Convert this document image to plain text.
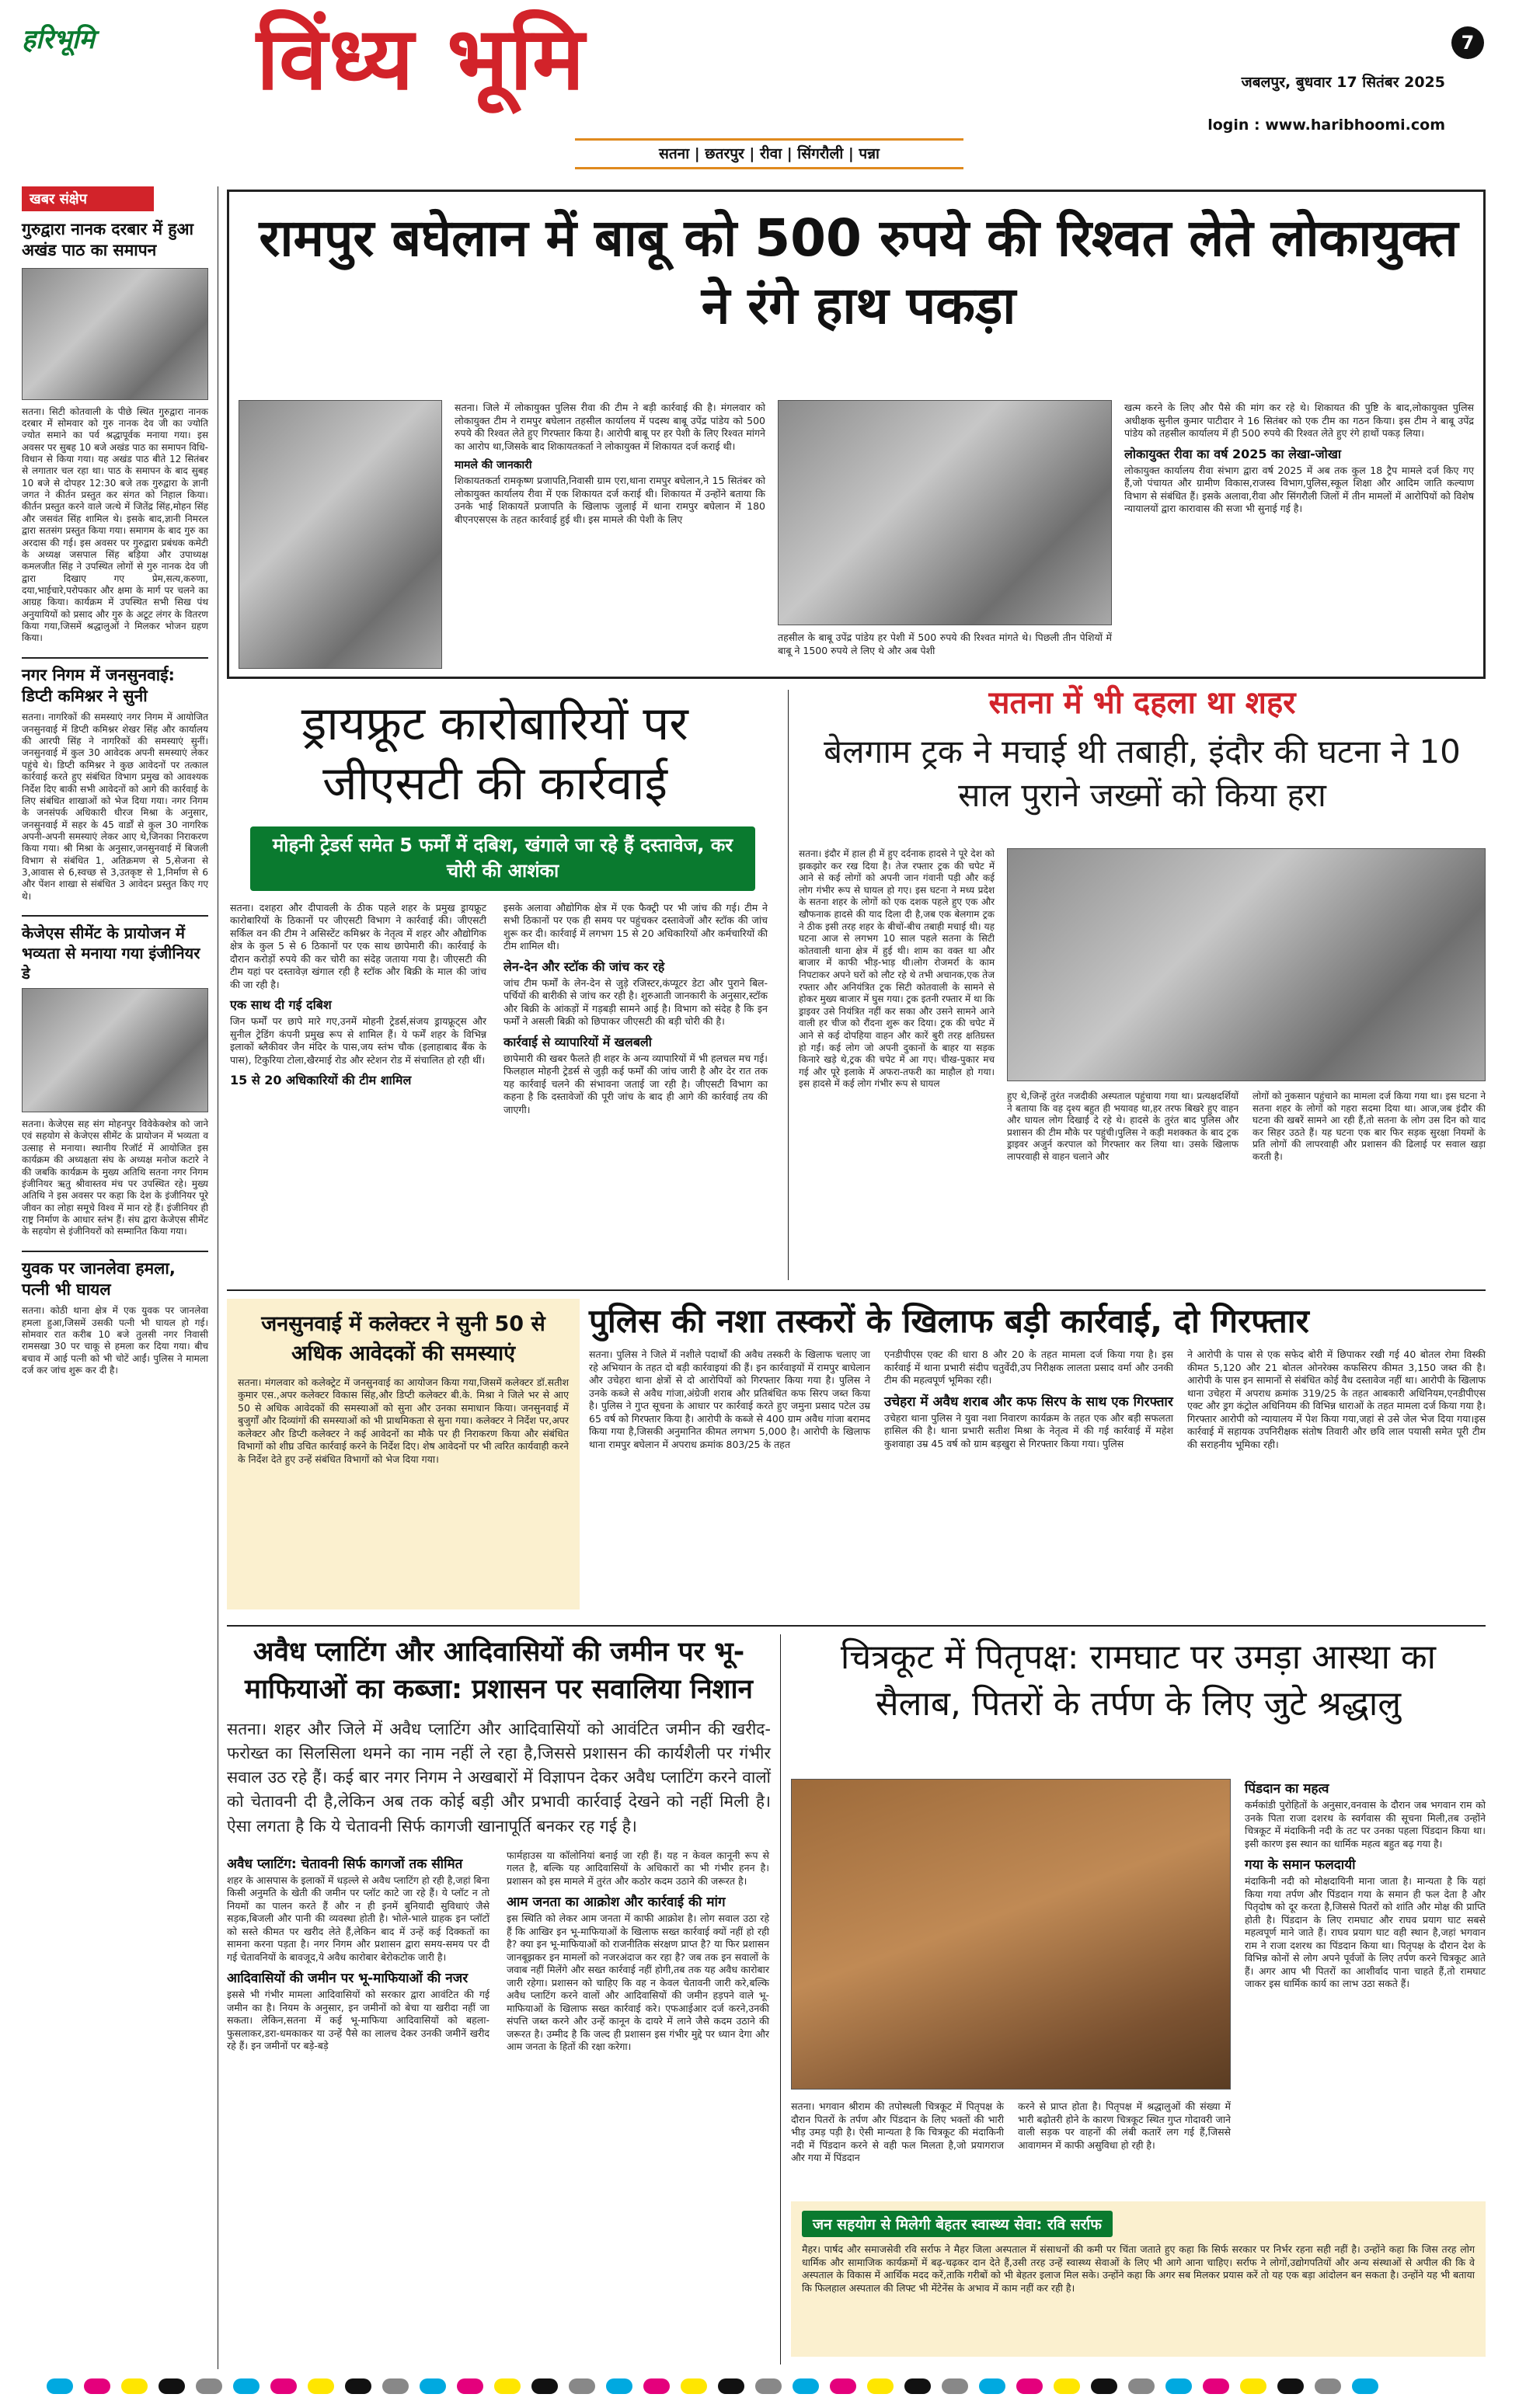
हरिभूमि विंध्य भूमि	7
जबलपुर, बुधवार 17 सितंबर 2025
login : www.haribhoomi.com
सतना | छतरपुर | रीवा | सिंगरौली | पन्ना
खबर संक्षेप
गुरुद्वारा नानक दरबार में हुआ अखंड पाठ का समापन
सतना। सिटी कोतवाली के पीछे स्थित गुरुद्वारा नानक दरबार में सोमवार को गुरु नानक देव जी का ज्योति ज्योत समाने का पर्व श्रद्धापूर्वक मनाया गया। इस अवसर पर सुबह 10 बजे अखंड पाठ का समापन विधि-विधान से किया गया। यह अखंड पाठ बीते 12 सितंबर से लगातार चल रहा था। पाठ के समापन के बाद सुबह 10 बजे से दोपहर 12:30 बजे तक गुरुद्वारा के ज्ञानी जगत ने कीर्तन प्रस्तुत कर संगत को निहाल किया। कीर्तन प्रस्तुत करने वाले जत्थे में जितेंद्र सिंह,मोहन सिंह और जसवंत सिंह शामिल थे। इसके बाद,ज्ञानी निमरल द्वारा सतसंग प्रस्तुत किया गया। समागम के बाद गुरु का अरदास की गई। इस अवसर पर गुरुद्वारा प्रबंधक कमेटी के अध्यक्ष जसपाल सिंह बड़िया और उपाध्यक्ष कमलजीत सिंह ने उपस्थित लोगों से गुरु नानक देव जी द्वारा दिखाए गए प्रेम,सत्य,करुणा, दया,भाईचारे,परोपकार और क्षमा के मार्ग पर चलने का आग्रह किया। कार्यक्रम में उपस्थित सभी सिख पंथ अनुयायियों को प्रसाद और गुरु के अटूट लंगर के वितरण किया गया,जिसमें श्रद्धालुओं ने मिलकर भोजन ग्रहण किया।
नगर निगम में जनसुनवाई: डिप्टी कमिश्नर ने सुनी
सतना। नागरिकों की समस्याएं नगर निगम में आयोजित जनसुनवाई में डिप्टी कमिश्नर शेखर सिंह और कार्यालय की आरपी सिंह ने नागरिकों की समस्याएं सुनीं। जनसुनवाई में कुल 30 आवेदक अपनी समस्याएं लेकर पहुंचे थे। डिप्टी कमिश्नर ने कुछ आवेदनों पर तत्काल कार्रवाई करते हुए संबंधित विभाग प्रमुख को आवश्यक निर्देश दिए बाकी सभी आवेदनों को आगे की कार्रवाई के लिए संबंधित शाखाओं को भेज दिया गया। नगर निगम के जनसंपर्क अधिकारी धीरज मिश्रा के अनुसार, जनसुनवाई में सहर के 45 वार्डों से कुल 30 नागरिक अपनी-अपनी समस्याएं लेकर आए थे,जिनका निराकरण किया गया। श्री मिश्रा के अनुसार,जनसुनवाई में बिजली विभाग से संबंधित 1, अतिक्रमण से 5,सेजना से 3,आवास से 6,स्वच्छ से 3,उतकृष्ट से 1,निर्माण से 6 और पेंशन शाखा से संबंधित 3 आवेदन प्रस्तुत किए गए थे।
केजेएस सीमेंट के प्रायोजन में भव्यता से मनाया गया इंजीनियर डे
सतना। केजेएस सह संग मोहनपुर विवेकेक्शेत्र को जाने एवं सहयोग से केजेएस सीमेंट के प्रायोजन में भव्यता व उत्साह से मनाया। स्थानीय रिजॉर्ट में आयोजित इस कार्यक्रम की अध्यक्षता संघ के अध्यक्ष मनोज कटारे ने की जबकि कार्यक्रम के मुख्य अतिथि सतना नगर निगम इंजीनियर ऋतु श्रीवास्तव मंच पर उपस्थित रहे। मुख्य अतिथि ने इस अवसर पर कहा कि देश के इंजीनियर पूरे जीवन का लोहा समूचे विश्व में मान रहे हैं। इंजीनियर ही राष्ट्र निर्माण के आधार स्तंभ हैं। संघ द्वारा केजेएस सीमेंट के सहयोग से इंजीनियरों को सम्मानित किया गया।
युवक पर जानलेवा हमला, पत्नी भी घायल
सतना। कोठी थाना क्षेत्र में एक युवक पर जानलेवा हमला हुआ,जिसमें उसकी पत्नी भी घायल हो गई। सोमवार रात करीब 10 बजे तुलसी नगर निवासी रामसखा 30 पर चाकू से हमला कर दिया गया। बीच बचाव में आई पत्नी को भी चोटें आईं। पुलिस ने मामला दर्ज कर जांच शुरू कर दी है।
रामपुर बघेलान में बाबू को 500 रुपये की रिश्वत लेते लोकायुक्त ने रंगे हाथ पकड़ा
सतना। जिले में लोकायुक्त पुलिस रीवा की टीम ने बड़ी कार्रवाई की है। मंगलवार को लोकायुक्त टीम ने रामपुर बघेलान तहसील कार्यालय में पदस्थ बाबू उपेंद्र पांडेय को 500 रुपये की रिश्वत लेते हुए गिरफ्तार किया है। आरोपी बाबू पर हर पेशी के लिए रिश्वत मांगने का आरोप था,जिसके बाद शिकायतकर्ता ने लोकायुक्त में शिकायत दर्ज कराई थी।
मामले की जानकारी
शिकायतकर्ता रामकृष्ण प्रजापति,निवासी ग्राम एरा,थाना रामपुर बघेलान,ने 15 सितंबर को लोकायुक्त कार्यालय रीवा में एक शिकायत दर्ज कराई थी। शिकायत में उन्होंने बताया कि उनके भाई शिकायतें प्रजापति के खिलाफ जुलाई में थाना रामपुर बघेलान में 180 बीएनएसएस के तहत कार्रवाई हुई थी। इस मामले की पेशी के लिए
तहसील के बाबू उपेंद्र पांडेय हर पेशी में 500 रुपये की रिश्वत मांगते थे। पिछली तीन पेशियों में बाबू ने 1500 रुपये ले लिए थे और अब पेशी
खत्म करने के लिए और पैसे की मांग कर रहे थे। शिकायत की पुष्टि के बाद,लोकायुक्त पुलिस अधीक्षक सुनील कुमार पाटीदार ने 16 सितंबर को एक टीम का गठन किया। इस टीम ने बाबू उपेंद्र पांडेय को तहसील कार्यालय में ही 500 रुपये की रिश्वत लेते हुए रंगे हाथों पकड़ लिया।
लोकायुक्त रीवा का वर्ष 2025 का लेखा-जोखा
लोकायुक्त कार्यालय रीवा संभाग द्वारा वर्ष 2025 में अब तक कुल 18 ट्रैप मामले दर्ज किए गए हैं,जो पंचायत और ग्रामीण विकास,राजस्व विभाग,पुलिस,स्कूल शिक्षा और आदिम जाति कल्याण विभाग से संबंधित हैं। इसके अलावा,रीवा और सिंगरौली जिलों में तीन मामलों में आरोपियों को विशेष न्यायालयों द्वारा कारावास की सजा भी सुनाई गई है।
ड्रायफ्रूट कारोबारियों पर जीएसटी की कार्रवाई
मोहनी ट्रेडर्स समेत 5 फर्मों में दबिश, खंगाले जा रहे हैं दस्तावेज, कर चोरी की आशंका
सतना। दशहरा और दीपावली के ठीक पहले शहर के प्रमुख ड्रायफ्रूट कारोबारियों के ठिकानों पर जीएसटी विभाग ने कार्रवाई की। जीएसटी सर्किल वन की टीम ने असिस्टेंट कमिश्नर के नेतृत्व में शहर और औद्योगिक क्षेत्र के कुल 5 से 6 ठिकानों पर एक साथ छापेमारी की। कार्रवाई के दौरान करोड़ों रुपये की कर चोरी का संदेह जताया गया है। जीएसटी की टीम यहां पर दस्तावेज़ खंगाल रही है स्टॉक और बिक्री के माल की जांच की जा रही है।
एक साथ दी गई दबिश
जिन फर्मों पर छापे मारे गए,उनमें मोहनी ट्रेडर्स,संजय ड्रायफ्रूट्स और सुनील ट्रेडिंग कंपनी प्रमुख रूप से शामिल हैं। ये फर्में शहर के विभिन्न इलाकों ब्लैकीवर जैन मंदिर के पास,जय स्तंभ चौक (इलाहाबाद बैंक के पास), टिकुरिया टोला,खैरमाई रोड और स्टेशन रोड में संचालित हो रही थीं।
15 से 20 अधिकारियों की टीम शामिल
इसके अलावा औद्योगिक क्षेत्र में एक फैक्ट्री पर भी जांच की गई। टीम ने सभी ठिकानों पर एक ही समय पर पहुंचकर दस्तावेजों और स्टॉक की जांच शुरू कर दी। कार्रवाई में लगभग 15 से 20 अधिकारियों और कर्मचारियों की टीम शामिल थी।
लेन-देन और स्टॉक की जांच कर रहे
जांच टीम फर्मों के लेन-देन से जुड़े रजिस्टर,कंप्यूटर डेटा और पुराने बिल-पर्चियों की बारीकी से जांच कर रही है। शुरुआती जानकारी के अनुसार,स्टॉक और बिक्री के आंकड़ों में गड़बड़ी सामने आई है। विभाग को संदेह है कि इन फर्मों ने असली बिक्री को छिपाकर जीएसटी की बड़ी चोरी की है।
कार्रवाई से व्यापारियों में खलबली
छापेमारी की खबर फैलते ही शहर के अन्य व्यापारियों में भी हलचल मच गई। फिलहाल मोहनी ट्रेडर्स से जुड़ी कई फर्मों की जांच जारी है और देर रात तक यह कार्रवाई चलने की संभावना जताई जा रही है। जीएसटी विभाग का कहना है कि दस्तावेजों की पूरी जांच के बाद ही आगे की कार्रवाई तय की जाएगी।
सतना में भी दहला था शहर
बेलगाम ट्रक ने मचाई थी तबाही, इंदौर की घटना ने 10 साल पुराने जख्मों को किया हरा
सतना। इंदौर में हाल ही में हुए दर्दनाक हादसे ने पूरे देश को झकझोर कर रख दिया है। तेज रफ्तार ट्रक की चपेट में आने से कई लोगों को अपनी जान गंवानी पड़ी और कई लोग गंभीर रूप से घायल हो गए। इस घटना ने मध्य प्रदेश के सतना शहर के लोगों को एक दशक पहले हुए एक और खौफनाक हादसे की याद दिला दी है,जब एक बेलगाम ट्रक ने ठीक इसी तरह शहर के बीचों-बीच तबाही मचाई थी। यह घटना आज से लगभग 10 साल पहले सतना के सिटी कोतवाली थाना क्षेत्र में हुई थी। शाम का वक्त था और बाजार में काफी भीड़-भाड़ थी।लोग रोजमर्रा के काम निपटाकर अपने घरों को लौट रहे थे तभी अचानक,एक तेज रफ्तार और अनियंत्रित ट्रक सिटी कोतवाली के सामने से होकर मुख्य बाजार में घुस गया। ट्रक इतनी रफ्तार में था कि ड्राइवर उसे नियंत्रित नहीं कर सका और उसने सामने आने वाली हर चीज को रौंदना शुरू कर दिया। ट्रक की चपेट में आने से कई दोपहिया वाहन और कारें बुरी तरह क्षतिग्रस्त हो गईं। कई लोग जो अपनी दुकानों के बाहर या सड़क किनारे खड़े थे,ट्रक की चपेट में आ गए। चीख-पुकार मच गई और पूरे इलाके में अफरा-तफरी का माहौल हो गया। इस हादसे में कई लोग गंभीर रूप से घायल
हुए थे,जिन्हें तुरंत नजदीकी अस्पताल पहुंचाया गया था। प्रत्यक्षदर्शियों ने बताया कि वह दृश्य बहुत ही भयावह था,हर तरफ बिखरे हुए वाहन और घायल लोग दिखाई दे रहे थे। हादसे के तुरंत बाद पुलिस और प्रशासन की टीम मौके पर पहुंची।पुलिस ने कड़ी मशक्कत के बाद ट्रक ड्राइवर अजुर्न करपाल को गिरफ्तार कर लिया था। उसके खिलाफ लापरवाही से वाहन चलाने और
लोगों को नुकसान पहुंचाने का मामला दर्ज किया गया था। इस घटना ने सतना शहर के लोगों को गहरा सदमा दिया था। आज,जब इंदौर की घटना की खबरें सामने आ रही हैं,तो सतना के लोग उस दिन को याद कर सिहर उठते हैं। यह घटना एक बार फिर सड़क सुरक्षा नियमों के प्रति लोगों की लापरवाही और प्रशासन की ढिलाई पर सवाल खड़ा करती है।
जनसुनवाई में कलेक्टर ने सुनी 50 से अधिक आवेदकों की समस्याएं
सतना। मंगलवार को कलेक्ट्रेट में जनसुनवाई का आयोजन किया गया,जिसमें कलेक्टर डॉ.सतीश कुमार एस.,अपर कलेक्टर विकास सिंह,और डिप्टी कलेक्टर बी.के. मिश्रा ने जिले भर से आए 50 से अधिक आवेदकों की समस्याओं को सुना और उनका समाधान किया। जनसुनवाई में बुजुर्गों और दिव्यांगों की समस्याओं को भी प्राथमिकता से सुना गया। कलेक्टर ने निर्देश पर,अपर कलेक्टर और डिप्टी कलेक्टर ने कई आवेदनों का मौके पर ही निराकरण किया और संबंधित विभागों को शीघ्र उचित कार्रवाई करने के निर्देश दिए। शेष आवेदनों पर भी त्वरित कार्यवाही करने के निर्देश देते हुए उन्हें संबंधित विभागों को भेज दिया गया।
पुलिस की नशा तस्करों के खिलाफ बड़ी कार्रवाई, दो गिरफ्तार
सतना। पुलिस ने जिले में नशीले पदार्थों की अवैध तस्करी के खिलाफ चलाए जा रहे अभियान के तहत दो बड़ी कार्रवाइयां की हैं। इन कार्रवाइयों में रामपुर बाघेलान और उचेहरा थाना क्षेत्रों से दो आरोपियों को गिरफ्तार किया गया है। पुलिस ने उनके कब्जे से अवैध गांजा,अंग्रेजी शराब और प्रतिबंधित कफ सिरप जब्त किया है। पुलिस ने गुप्त सूचना के आधार पर कार्रवाई करते हुए जमुना प्रसाद पटेल उम्र 65 वर्ष को गिरफ्तार किया है। आरोपी के कब्जे से 400 ग्राम अवैध गांजा बरामद किया गया है,जिसकी अनुमानित कीमत लगभग 5,000 है। आरोपी के खिलाफ थाना रामपुर बघेलान में अपराध क्रमांक 803/25 के तहत
एनडीपीएस एक्ट की धारा 8 और 20 के तहत मामला दर्ज किया गया है। इस कार्रवाई में थाना प्रभारी संदीप चतुर्वेदी,उप निरीक्षक लालता प्रसाद वर्मा और उनकी टीम की महत्वपूर्ण भूमिका रही।
उचेहरा में अवैध शराब और कफ सिरप के साथ एक गिरफ्तार
उचेहरा थाना पुलिस ने युवा नशा निवारण कार्यक्रम के तहत एक और बड़ी सफलता हासिल की है। थाना प्रभारी सतीश मिश्रा के नेतृत्व में की गई कार्रवाई में महेश कुशवाहा उम्र 45 वर्ष को ग्राम बड़खुरा से गिरफ्तार किया गया। पुलिस
ने आरोपी के पास से एक सफेद बोरी में छिपाकर रखी गई 40 बोतल रोमा विस्की कीमत 5,120 और 21 बोतल ओनरेक्स कफसिरप कीमत 3,150 जब्त की है। आरोपी के पास इन सामानों से संबंधित कोई वैध दस्तावेज नहीं था। आरोपी के खिलाफ थाना उचेहरा में अपराध क्रमांक 319/25 के तहत आबकारी अधिनियम,एनडीपीएस एक्ट और ड्रग कंट्रोल अधिनियम की विभिन्न धाराओं के तहत मामला दर्ज किया गया है। गिरफ्तार आरोपी को न्यायालय में पेश किया गया,जहां से उसे जेल भेज दिया गया।इस कार्रवाई में सहायक उपनिरीक्षक संतोष तिवारी और छवि लाल पयासी समेत पूरी टीम की सराहनीय भूमिका रही।
अवैध प्लाटिंग और आदिवासियों की जमीन पर भू-माफियाओं का कब्जा: प्रशासन पर सवालिया निशान
सतना। शहर और जिले में अवैध प्लाटिंग और आदिवासियों को आवंटित जमीन की खरीद-फरोख्त का सिलसिला थमने का नाम नहीं ले रहा है,जिससे प्रशासन की कार्यशैली पर गंभीर सवाल उठ रहे हैं। कई बार नगर निगम ने अखबारों में विज्ञापन देकर अवैध प्लाटिंग करने वालों को चेतावनी दी है,लेकिन अब तक कोई बड़ी और प्रभावी कार्रवाई देखने को नहीं मिली है। ऐसा लगता है कि ये चेतावनी सिर्फ कागजी खानापूर्ति बनकर रह गई है।
अवैध प्लाटिंग: चेतावनी सिर्फ कागजों तक सीमित
शहर के आसपास के इलाकों में धड़ल्ले से अवैध प्लाटिंग हो रही है,जहां बिना किसी अनुमति के खेती की जमीन पर प्लॉट काटे जा रहे हैं। ये प्लॉट न तो नियमों का पालन करते हैं और न ही इनमें बुनियादी सुविधाएं जैसे सड़क,बिजली और पानी की व्यवस्था होती है। भोले-भाले ग्राहक इन प्लॉटों को सस्ते कीमत पर खरीद लेते हैं,लेकिन बाद में उन्हें कई दिक्कतों का सामना करना पड़ता है। नगर निगम और प्रशासन द्वारा समय-समय पर दी गई चेतावनियों के बावजूद,ये अवैध कारोबार बेरोकटोक जारी है।
आदिवासियों की जमीन पर भू-माफियाओं की नजर
इससे भी गंभीर मामला आदिवासियों को सरकार द्वारा आवंटित की गई जमीन का है। नियम के अनुसार, इन जमीनों को बेचा या खरीदा नहीं जा सकता। लेकिन,सतना में कई भू-माफिया आदिवासियों को बहला-फुसलाकर,डरा-धमकाकर या उन्हें पैसे का लालच देकर उनकी जमीनें खरीद रहे हैं। इन जमीनों पर बड़े-बड़े
फार्महाउस या कॉलोनियां बनाई जा रही हैं। यह न केवल कानूनी रूप से गलत है, बल्कि यह आदिवासियों के अधिकारों का भी गंभीर हनन है। प्रशासन को इस मामले में तुरंत और कठोर कदम उठाने की जरूरत है।
आम जनता का आक्रोश और कार्रवाई की मांग
इस स्थिति को लेकर आम जनता में काफी आक्रोश है। लोग सवाल उठा रहे हैं कि आखिर इन भू-माफियाओं के खिलाफ सख्त कार्रवाई क्यों नहीं हो रही है? क्या इन भू-माफियाओं को राजनीतिक संरक्षण प्राप्त है? या फिर प्रशासन जानबूझकर इन मामलों को नजरअंदाज कर रहा है? जब तक इन सवालों के जवाब नहीं मिलेंगे और सख्त कार्रवाई नहीं होगी,तब तक यह अवैध कारोबार जारी रहेगा। प्रशासन को चाहिए कि वह न केवल चेतावनी जारी करे,बल्कि अवैध प्लाटिंग करने वालों और आदिवासियों की जमीन हड़पने वाले भू-माफियाओं के खिलाफ सख्त कार्रवाई करे। एफआईआर दर्ज करने,उनकी संपत्ति जब्त करने और उन्हें कानून के दायरे में लाने जैसे कदम उठाने की जरूरत है। उम्मीद है कि जल्द ही प्रशासन इस गंभीर मुद्दे पर ध्यान देगा और आम जनता के हितों की रक्षा करेगा।
चित्रकूट में पितृपक्ष: रामघाट पर उमड़ा आस्था का सैलाब, पितरों के तर्पण के लिए जुटे श्रद्धालु
पिंडदान का महत्व
कर्मकांडी पुरोहितों के अनुसार,वनवास के दौरान जब भगवान राम को उनके पिता राजा दशरथ के स्वर्गवास की सूचना मिली,तब उन्होंने चित्रकूट में मंदाकिनी नदी के तट पर उनका पहला पिंडदान किया था। इसी कारण इस स्थान का धार्मिक महत्व बहुत बढ़ गया है।
गया के समान फलदायी
मंदाकिनी नदी को मोक्षदायिनी माना जाता है। मान्यता है कि यहां किया गया तर्पण और पिंडदान गया के समान ही फल देता है और पितृदोष को दूर करता है,जिससे पितरों को शांति और मोक्ष की प्राप्ति होती है। पिंडदान के लिए रामघाट और राघव प्रयाग घाट सबसे महत्वपूर्ण माने जाते हैं। राघव प्रयाग घाट वही स्थान है,जहां भगवान राम ने राजा दशरथ का पिंडदान किया था। पितृपक्ष के दौरान देश के विभिन्न कोनों से लोग अपने पूर्वजों के लिए तर्पण करने चित्रकूट आते हैं। अगर आप भी पितरों का आशीर्वाद पाना चाहते हैं,तो रामघाट जाकर इस धार्मिक कार्य का लाभ उठा सकते हैं।
सतना। भगवान श्रीराम की तपोस्थली चित्रकूट में पितृपक्ष के दौरान पितरों के तर्पण और पिंडदान के लिए भक्तों की भारी भीड़ उमड़ पड़ी है। ऐसी मान्यता है कि चित्रकूट की मंदाकिनी नदी में पिंडदान करने से वही फल मिलता है,जो प्रयागराज और गया में पिंडदान
करने से प्राप्त होता है। पितृपक्ष में श्रद्धालुओं की संख्या में भारी बढ़ोतरी होने के कारण चित्रकूट स्थित गुप्त गोदावरी जाने वाली सड़क पर वाहनों की लंबी कतारें लग गई हैं,जिससे आवागमन में काफी असुविधा हो रही है।
जन सहयोग से मिलेगी बेहतर स्वास्थ्य सेवा: रवि सर्राफ
मैहर। पार्षद और समाजसेवी रवि सर्राफ ने मैहर जिला अस्पताल में संसाधनों की कमी पर चिंता जताते हुए कहा कि सिर्फ सरकार पर निर्भर रहना सही नहीं है। उन्होंने कहा कि जिस तरह लोग धार्मिक और सामाजिक कार्यक्रमों में बढ़-चढ़कर दान देते हैं,उसी तरह उन्हें स्वास्थ्य सेवाओं के लिए भी आगे आना चाहिए। सर्राफ ने लोगों,उद्योगपतियों और अन्य संस्थाओं से अपील की कि वे अस्पताल के विकास में आर्थिक मदद करें,ताकि गरीबों को भी बेहतर इलाज मिल सके। उन्होंने कहा कि अगर सब मिलकर प्रयास करें तो यह एक बड़ा आंदोलन बन सकता है। उन्होंने यह भी बताया कि फिलहाल अस्पताल की लिफ्ट भी मेंटेनेंस के अभाव में काम नहीं कर रही है।
